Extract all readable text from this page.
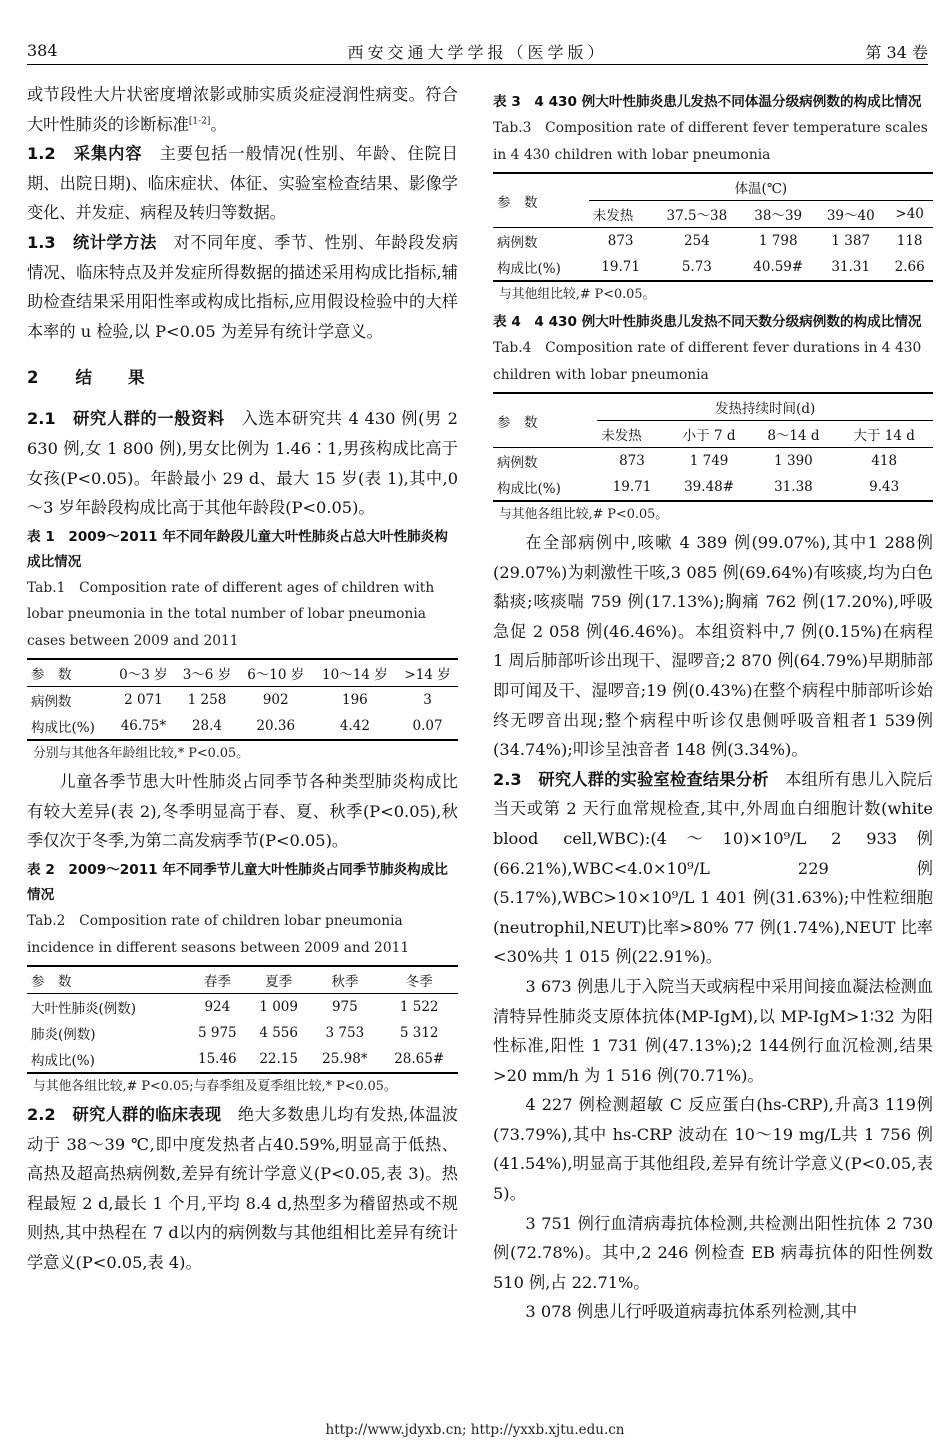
384	西安交通大学学报（医学版）	第 34 卷

或节段性大片状密度增浓影或肺实质炎症浸润性病变。符合大叶性肺炎的诊断标准[1-2]。

1.2　采集内容　 主要包括一般情况(性别、年龄、住院日期、出院日期)、临床症状、体征、实验室检查结果、影像学变化、并发症、病程及转归等数据。

1.3　统计学方法　 对不同年度、季节、性别、年龄段发病情况、临床特点及并发症所得数据的描述采用构成比指标,辅助检查结果采用阳性率或构成比指标,应用假设检验中的大样本率的 u 检验,以 P<0.05 为差异有统计学意义。

2 结　　果

2.1　研究人群的一般资料　 入选本研究共 4 430 例(男 2 630 例,女 1 800 例),男女比例为 1.46∶1,男孩构成比高于女孩(P<0.05)。年龄最小 29 d、最大 15 岁(表 1),其中,0～3 岁年龄段构成比高于其他年龄段(P<0.05)。

表 1　2009～2011 年不同年龄段儿童大叶性肺炎占总大叶性肺炎构成比情况
Tab.1　Composition rate of different ages of children with lobar pneumonia in the total number of lobar pneumonia cases between 2009 and 2011
参　数	0～3 岁	3～6 岁	6～10 岁	10～14 岁	>14 岁
病例数	2 071	1 258	902	196	3
构成比(%)	46.75*	28.4	20.36	4.42	0.07
分别与其他各年龄组比较,* P<0.05。

儿童各季节患大叶性肺炎占同季节各种类型肺炎构成比有较大差异(表 2),冬季明显高于春、夏、秋季(P<0.05),秋季仅次于冬季,为第二高发病季节(P<0.05)。

表 2　2009～2011 年不同季节儿童大叶性肺炎占同季节肺炎构成比情况
Tab.2　Composition rate of children lobar pneumonia incidence in different seasons between 2009 and 2011
参　数	春季	夏季	秋季	冬季
大叶性肺炎(例数)	924	1 009	975	1 522
肺炎(例数)	5 975	4 556	3 753	5 312
构成比(%)	15.46	22.15	25.98*	28.65#
与其他各组比较,# P<0.05;与春季组及夏季组比较,* P<0.05。

2.2　研究人群的临床表现　 绝大多数患儿均有发热,体温波动于 38～39 ℃,即中度发热者占40.59%,明显高于低热、高热及超高热病例数,差异有统计学意义(P<0.05,表 3)。热程最短 2 d,最长 1 个月,平均 8.4 d,热型多为稽留热或不规则热,其中热程在 7 d以内的病例数与其他组相比差异有统计学意义(P<0.05,表 4)。

表 3　4 430 例大叶性肺炎患儿发热不同体温分级病例数的构成比情况
Tab.3　Composition rate of different fever temperature scales in 4 430 children with lobar pneumonia
参　数	体温(℃)				
	未发热	37.5～38	38～39	39～40	>40
病例数	873	254	1 798	1 387	118
构成比(%)	19.71	5.73	40.59#	31.31	2.66
与其他组比较,# P<0.05。
表 4　4 430 例大叶性肺炎患儿发热不同天数分级病例数的构成比情况
Tab.4　Composition rate of different fever durations in 4 430 children with lobar pneumonia
参　数	发热持续时间(d)			
	未发热	小于 7 d	8～14 d	大于 14 d
病例数	873	1 749	1 390	418
构成比(%)	19.71	39.48#	31.38	9.43
与其他各组比较,# P<0.05。

在全部病例中,咳嗽 4 389 例(99.07%),其中1 288例(29.07%)为刺激性干咳,3 085 例(69.64%)有咳痰,均为白色黏痰;咳痰喘 759 例(17.13%);胸痛 762 例(17.20%),呼吸急促 2 058 例(46.46%)。本组资料中,7 例(0.15%)在病程 1 周后肺部听诊出现干、湿啰音;2 870 例(64.79%)早期肺部即可闻及干、湿啰音;19 例(0.43%)在整个病程中肺部听诊始终无啰音出现;整个病程中听诊仅患侧呼吸音粗者1 539例(34.74%);叩诊呈浊音者 148 例(3.34%)。

2.3　研究人群的实验室检查结果分析　 本组所有患儿入院后当天或第 2 天行血常规检查,其中,外周血白细胞计数(white blood cell,WBC):(4～10)×10⁹/L 2 933例(66.21%),WBC<4.0×10⁹/L 229 例(5.17%),WBC>10×10⁹/L 1 401 例(31.63%);中性粒细胞(neutrophil,NEUT)比率>80% 77 例(1.74%),NEUT 比率<30%共 1 015 例(22.91%)。

3 673 例患儿于入院当天或病程中采用间接血凝法检测血清特异性肺炎支原体抗体(MP-IgM),以 MP-IgM>1∶32 为阳性标准,阳性 1 731 例(47.13%);2 144例行血沉检测,结果>20 mm/h 为 1 516 例(70.71%)。

4 227 例检测超敏 C 反应蛋白(hs-CRP),升高3 119例(73.79%),其中 hs-CRP 波动在 10～19 mg/L共 1 756 例(41.54%),明显高于其他组段,差异有统计学意义(P<0.05,表 5)。

3 751 例行血清病毒抗体检测,共检测出阳性抗体 2 730 例(72.78%)。其中,2 246 例检查 EB 病毒抗体的阳性例数 510 例,占 22.71%。

3 078 例患儿行呼吸道病毒抗体系列检测,其中

http://www.jdyxb.cn; http://yxxb.xjtu.edu.cn
